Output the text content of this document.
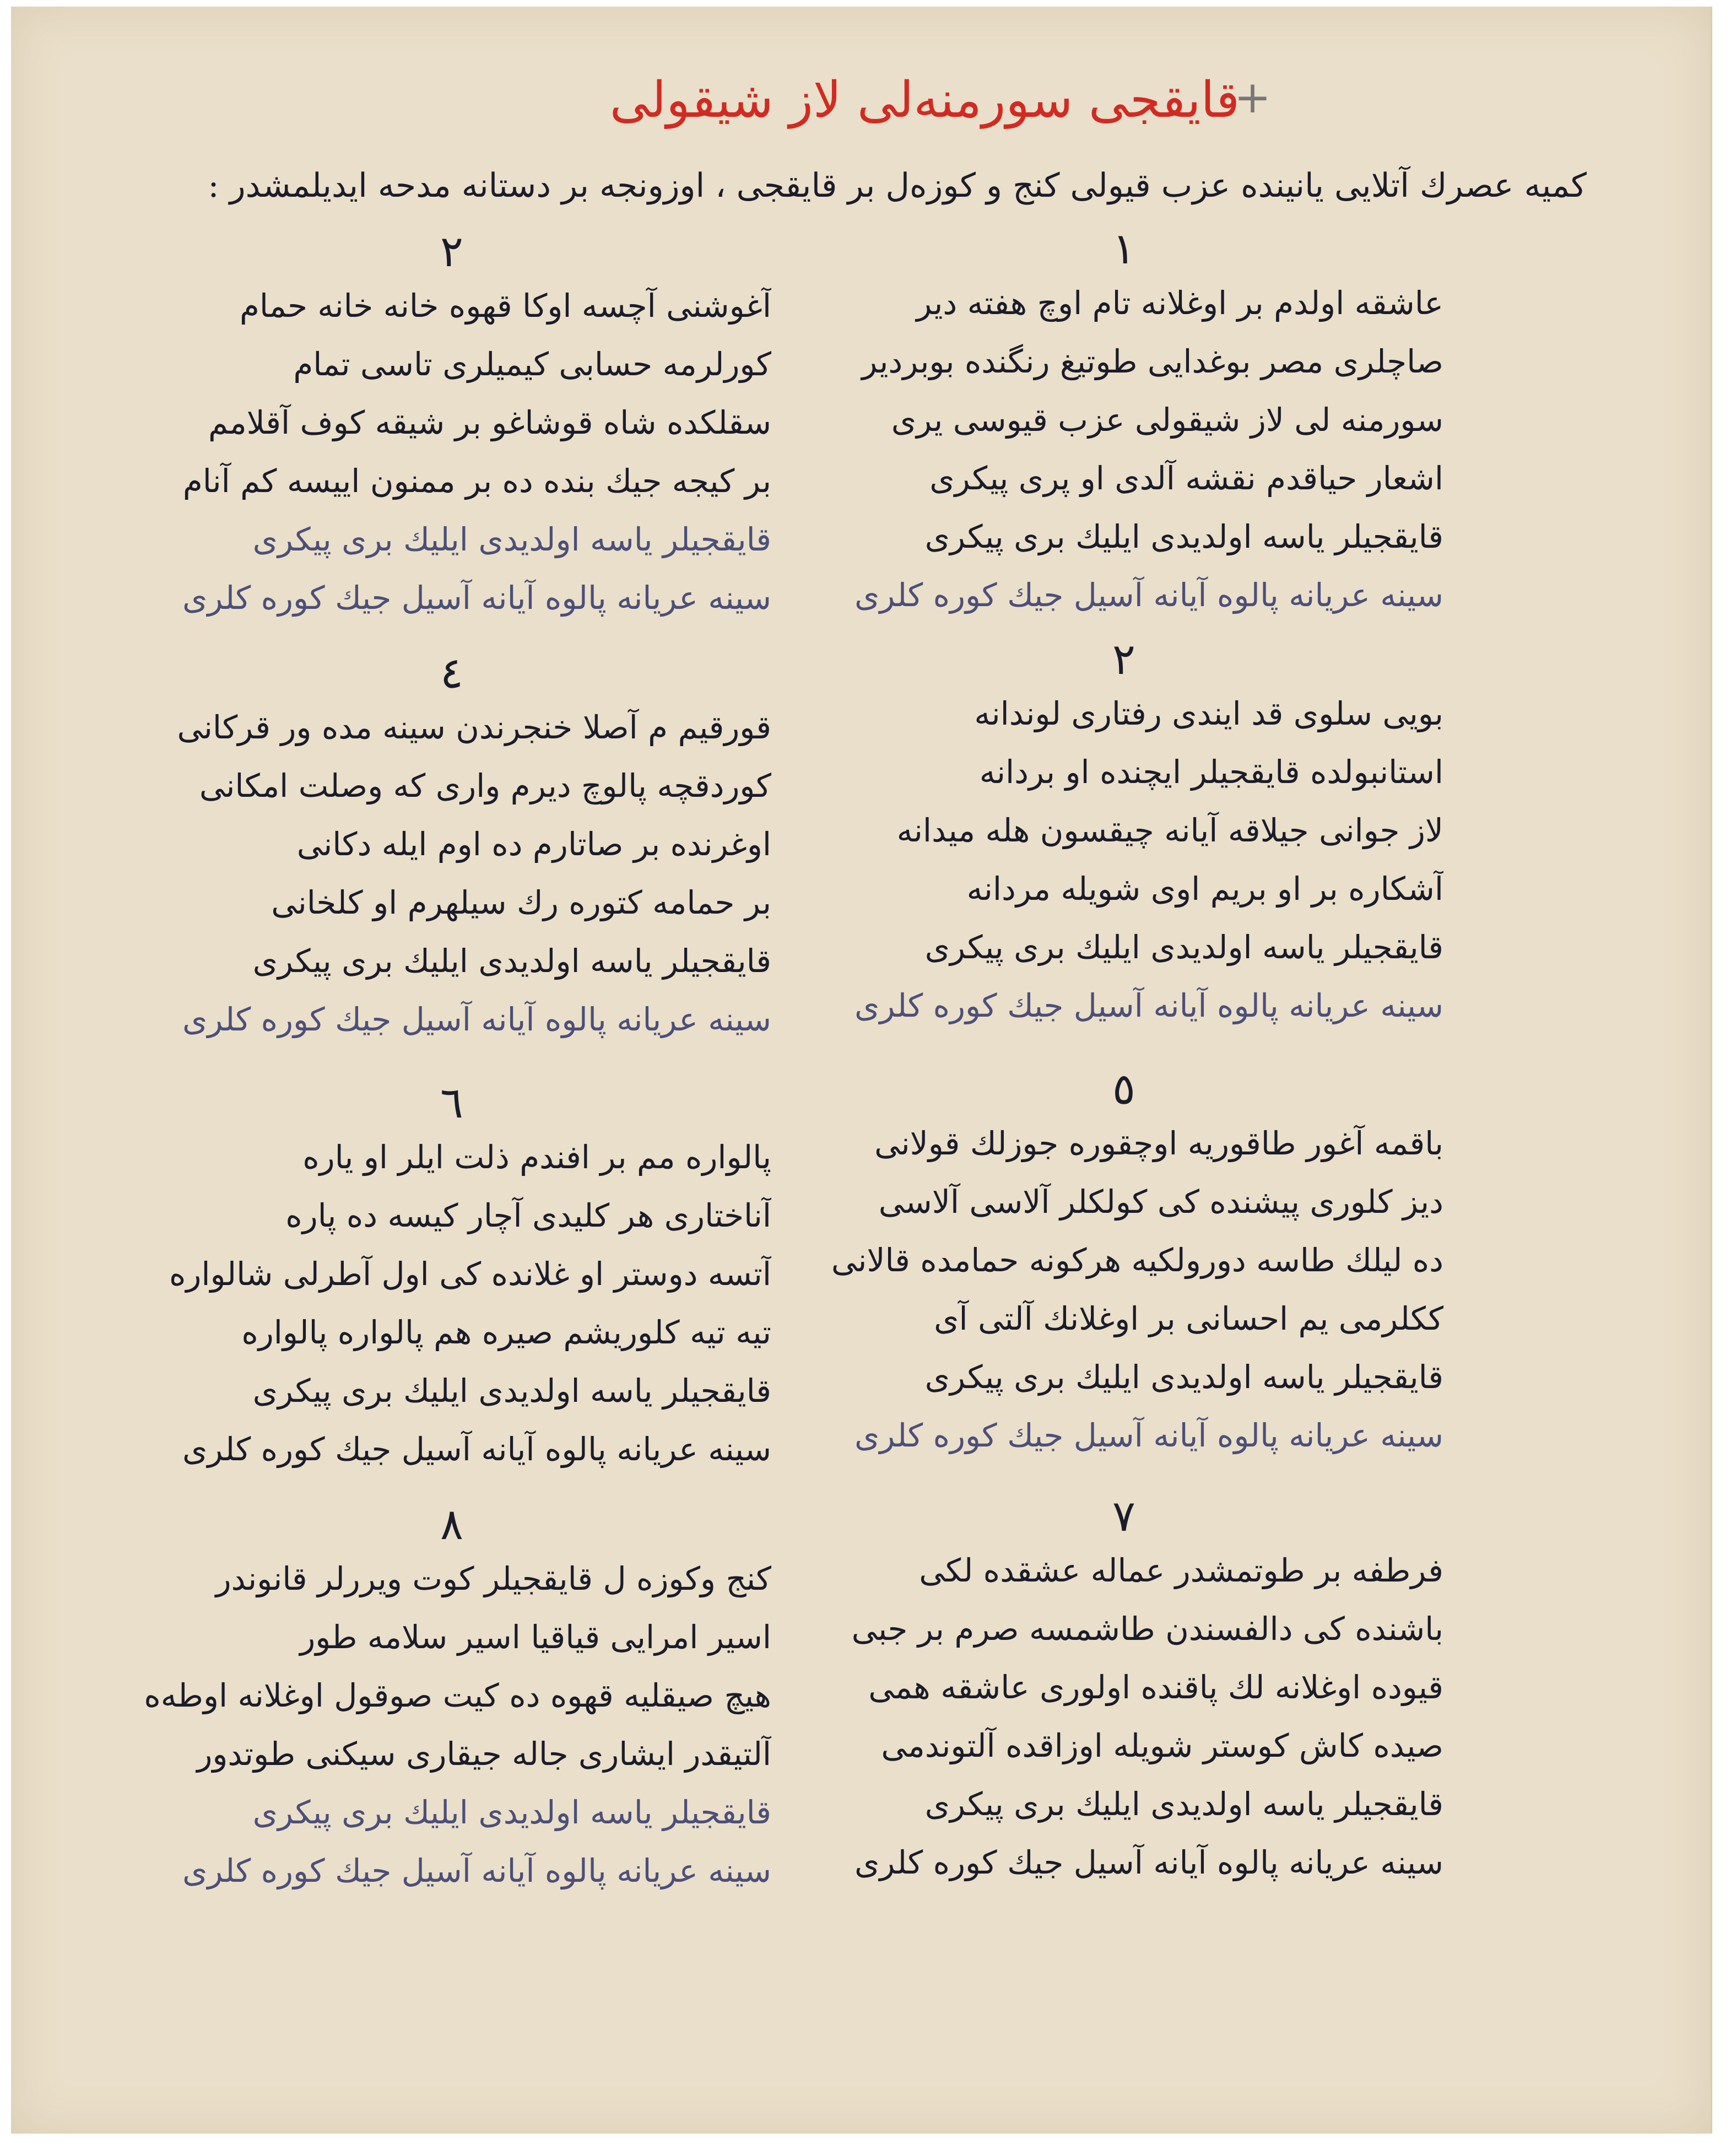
قایقجی سورمنه‌لی لاز شیقولی
+
کمیه عصرك آتلایی یانینده عزب قیولی کنج و کوزه‌ل بر قایقجی ، اوزونجه بر دستانه مدحه ایدیلمشدر :
١
عاشقه اولدم بر اوغلانه تام اوچ هفته دیر
صاچلری مصر بوغدایی طوتیغ رنگنده بوبردیر
سورمنه لی لاز شیقولی عزب قیوسی یری
اشعار حیاقدم نقشه آلدی او پری پیکری
قایقجیلر یاسه اولدیدی ایلیك بری پیکری
سینه عریانه پالوه آیانه آسیل جیك کوره کلری
٢
آغوشنی آچسه اوکا قهوه خانه خانه حمام
کورلرمه حسابی کیمیلری تاسی تمام
سقلکده شاه قوشاغو بر شیقه کوف آقلامم
بر کیجه جیك بنده ده بر ممنون اییسه کم آنام
قایقجیلر یاسه اولدیدی ایلیك بری پیکری
سینه عریانه پالوه آیانه آسیل جیك کوره کلری
٢
بویی سلوی قد ایندی رفتاری لوندانه
استانبولده قایقجیلر ایچنده او بردانه
لاز جوانی جیلاقه آیانه چیقسون هله میدانه
آشکاره بر او بریم اوی شویله مردانه
قایقجیلر یاسه اولدیدی ایلیك بری پیکری
سینه عریانه پالوه آیانه آسیل جیك کوره کلری
٤
قورقیم م آصلا خنجرندن سینه مده ور قرکانی
کوردقچه پالوچ دیرم واری که وصلت امکانی
اوغرنده بر صاتارم ده اوم ایله دکانی
بر حمامه کتوره رك سیلهرم او کلخانی
قایقجیلر یاسه اولدیدی ایلیك بری پیکری
سینه عریانه پالوه آیانه آسیل جیك کوره کلری
٥
باقمه آغور طاقوریه اوچقوره جوزلك قولانی
دیز کلوری پیشنده کی کولکلر آلاسی آلاسی
ده لیلك طاسه دورولکیه هرکونه حمامده قالانی
ککلرمی یم احسانی بر اوغلانك آلتی آی
قایقجیلر یاسه اولدیدی ایلیك بری پیکری
سینه عریانه پالوه آیانه آسیل جیك کوره کلری
٦
پالواره مم بر افندم ذلت ایلر او یاره
آناختاری هر کلیدی آچار کیسه ده پاره
آتسه دوستر او غلانده کی اول آطرلی شالواره
تیه تیه کلوریشم صیره هم پالواره پالواره
قایقجیلر یاسه اولدیدی ایلیك بری پیکری
سینه عریانه پالوه آیانه آسیل جیك کوره کلری
٧
فرطفه بر طوتمشدر عماله عشقده لکی
باشنده کی دالفسندن طاشمسه صرم بر جبی
قیوده اوغلانه لك پاقنده اولوری عاشقه همی
صیده کاش کوستر شویله اوزاقده آلتوندمی
قایقجیلر یاسه اولدیدی ایلیك بری پیکری
سینه عریانه پالوه آیانه آسیل جیك کوره کلری
٨
کنج وکوزه ل قایقجیلر کوت ویررلر قانوندر
اسیر امرایی قیاقیا اسیر سلامه طور
هیچ صیقلیه قهوه ده کیت صوقول اوغلانه اوطه‌ه
آلتیقدر ایشاری جاله جیقاری سیکنی طوتدور
قایقجیلر یاسه اولدیدی ایلیك بری پیکری
سینه عریانه پالوه آیانه آسیل جیك کوره کلری
